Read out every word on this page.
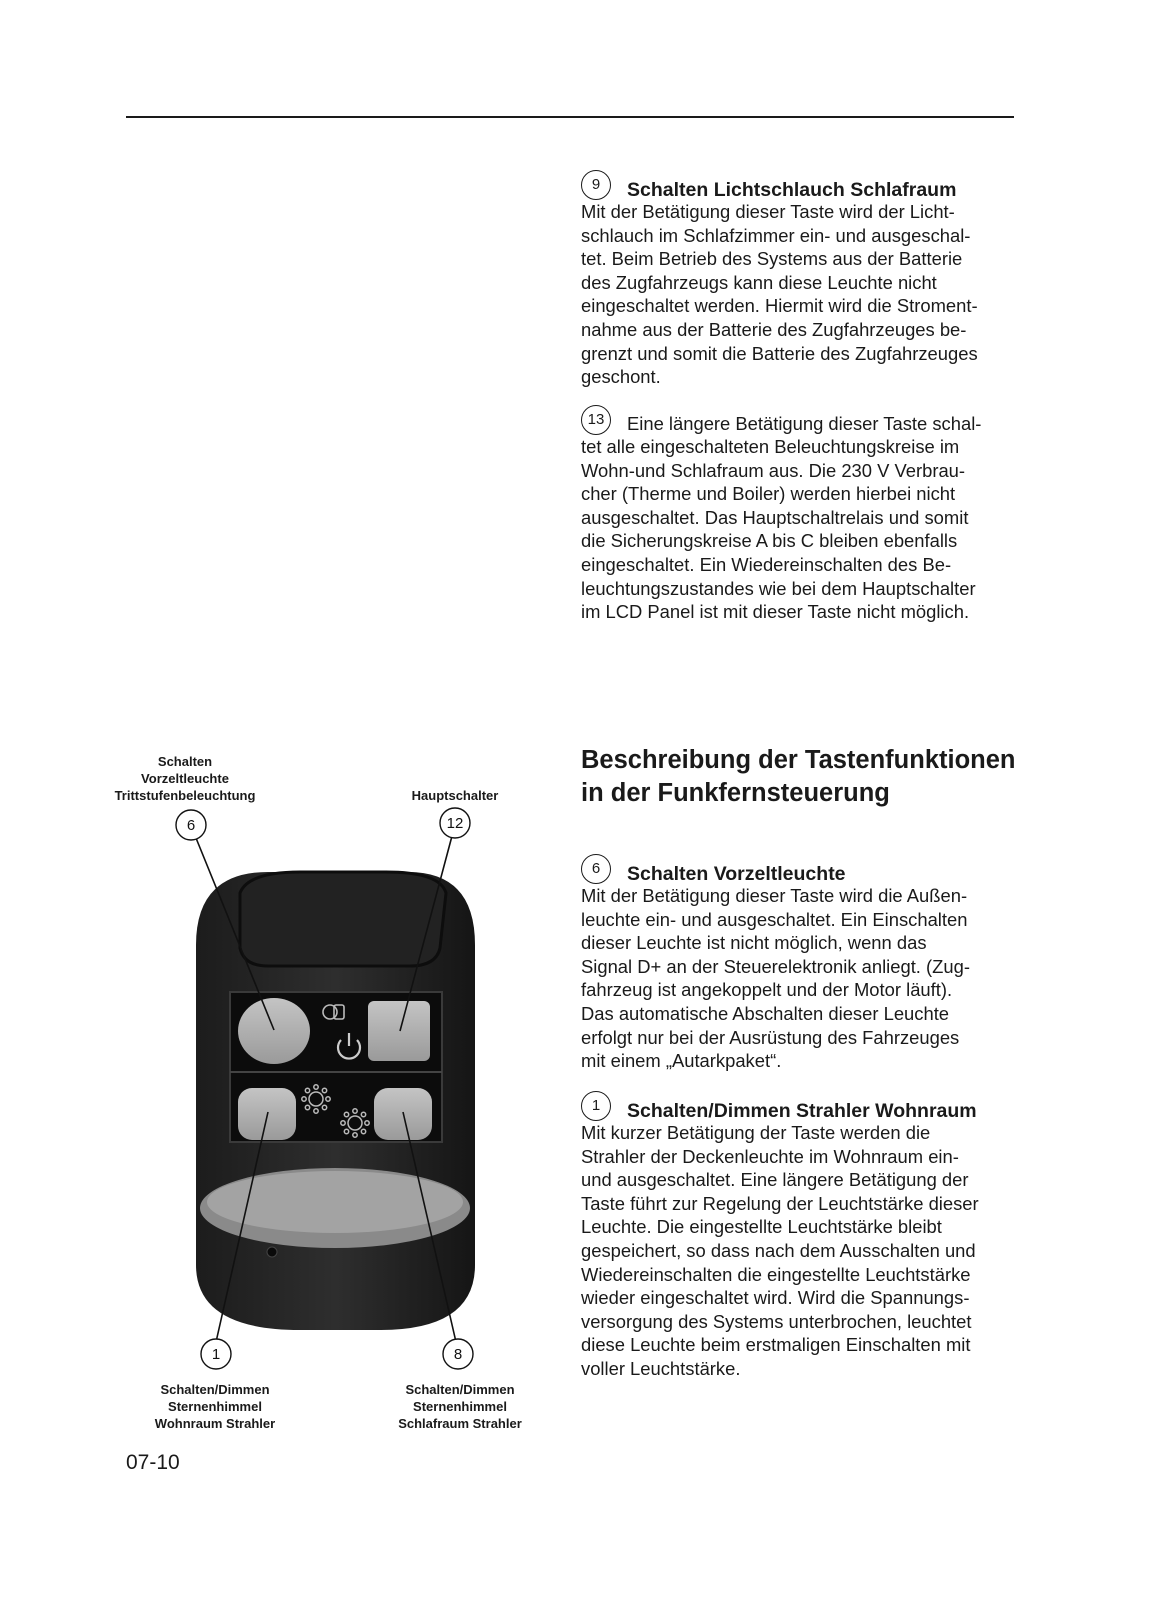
9	Schalten Lichtschlauch Schlafraum

Mit der Betätigung dieser Taste wird der Licht-

schlauch im Schlafzimmer ein- und ausgeschal-

tet. Beim Betrieb des Systems aus der Batterie

des Zugfahrzeugs kann diese Leuchte nicht

eingeschaltet werden. Hiermit wird die Stroment-

nahme aus der Batterie des Zugfahrzeuges be-

grenzt und somit die Batterie des Zugfahrzeuges

geschont.

13	Eine längere Betätigung dieser Taste schal-

tet alle eingeschalteten Beleuchtungskreise im

Wohn-und Schlafraum aus. Die 230 V Verbrau-

cher (Therme und Boiler) werden hierbei nicht

ausgeschaltet. Das Hauptschaltrelais und somit

die Sicherungskreise A bis C bleiben ebenfalls

eingeschaltet. Ein Wiedereinschalten des Be-

leuchtungszustandes wie bei dem Hauptschalter

im LCD Panel ist mit dieser Taste nicht möglich.

Beschreibung der Tastenfunktionen
in der Funkfernsteuerung
6	Schalten Vorzeltleuchte

Mit der Betätigung dieser Taste wird die Außen-

leuchte ein- und ausgeschaltet. Ein Einschalten

dieser Leuchte ist nicht möglich, wenn das

Signal D+ an der Steuerelektronik anliegt. (Zug-

fahrzeug ist angekoppelt und der Motor läuft).

Das automatische Abschalten dieser Leuchte

erfolgt nur bei der Ausrüstung des Fahrzeuges

mit einem „Autarkpaket“.

1	Schalten/Dimmen Strahler Wohnraum

Mit kurzer Betätigung der Taste werden die

Strahler der Deckenleuchte im Wohnraum ein-

und ausgeschaltet. Eine längere Betätigung der

Taste führt zur Regelung der Leuchtstärke dieser

Leuchte. Die eingestellte Leuchtstärke bleibt

gespeichert, so dass nach dem Ausschalten und

Wiedereinschalten die eingestellte Leuchtstärke

wieder eingeschaltet wird. Wird die Spannungs-

versorgung des Systems unterbrochen, leuchtet

diese Leuchte beim erstmaligen Einschalten mit

voller Leuchtstärke.

6	12
1	8
Schalten
Vorzeltleuchte
Trittstufenbeleuchtung	Hauptschalter
Schalten/Dimmen
Sternenhimmel
Wohnraum Strahler
Schalten/Dimmen
Sternenhimmel
Schlafraum Strahler
07-10
